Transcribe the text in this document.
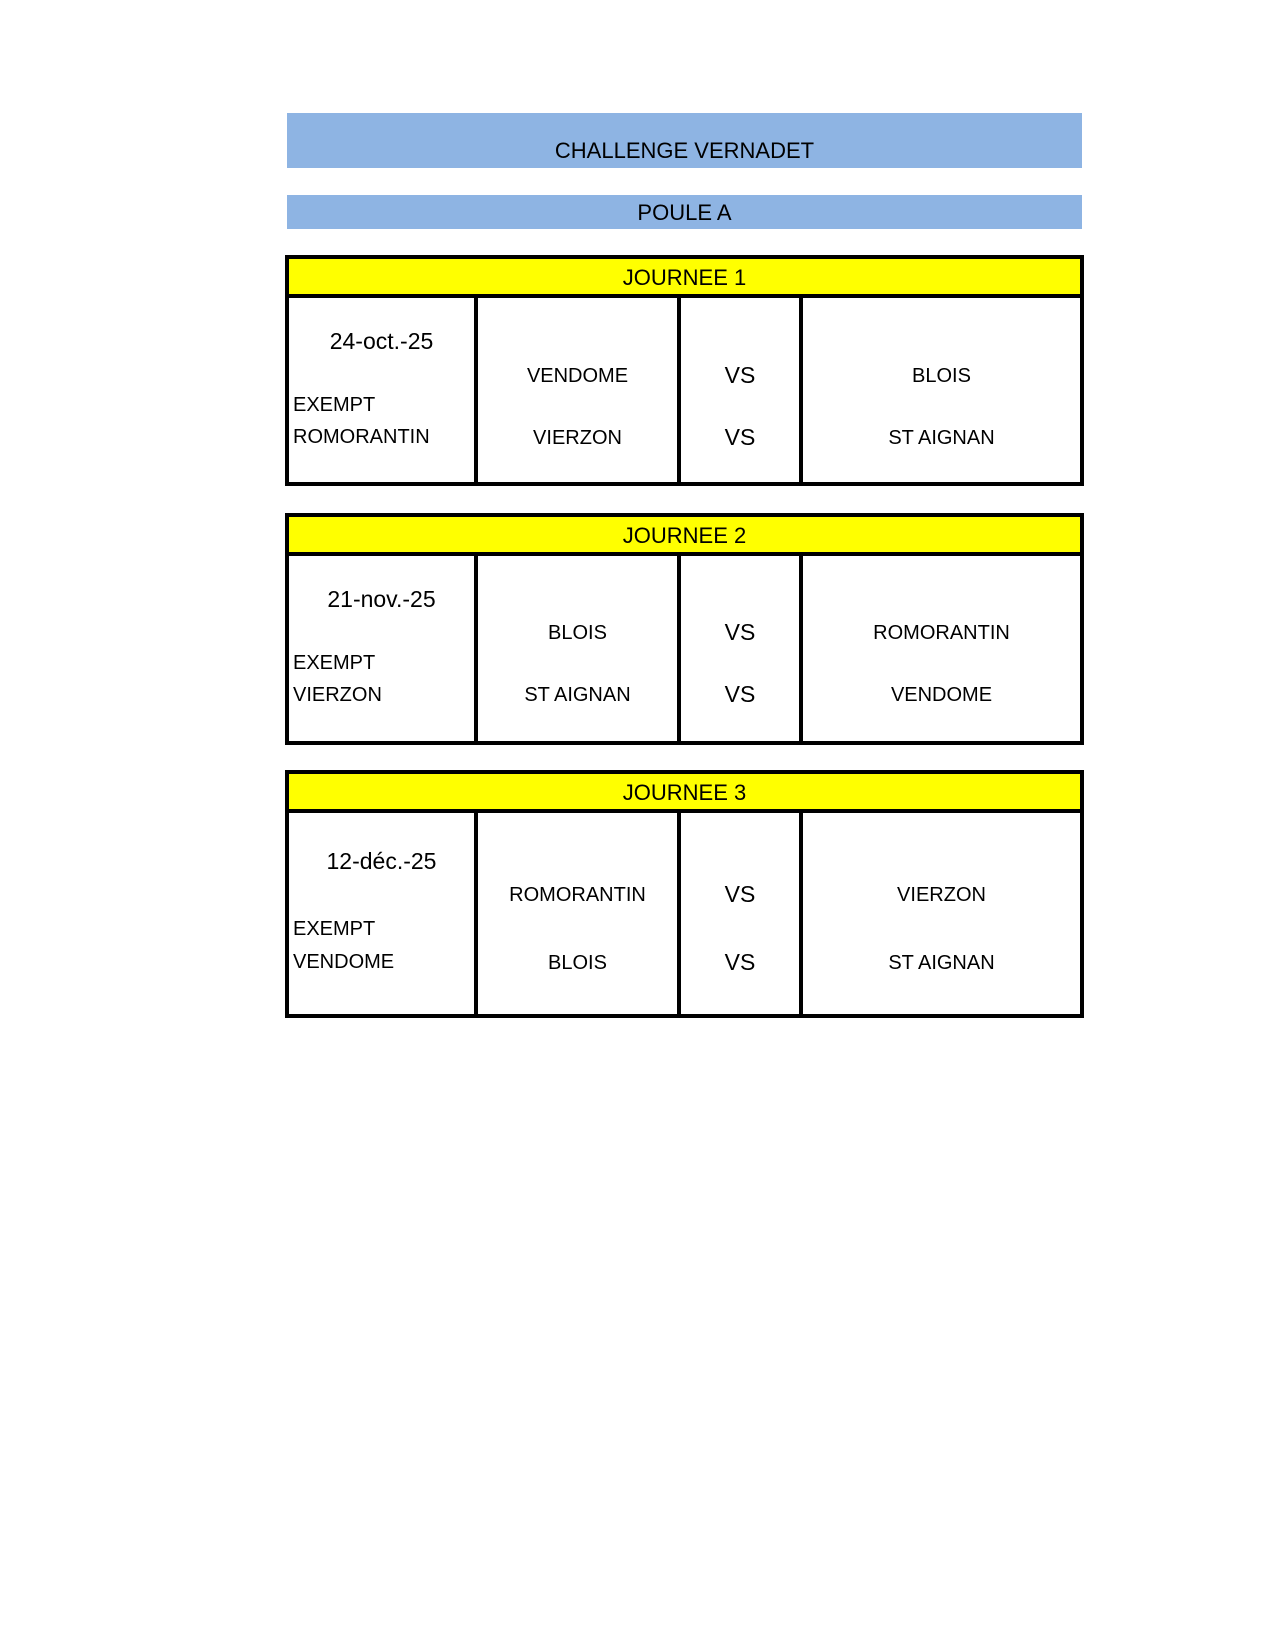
CHALLENGE VERNADET
POULE A
JOURNEE 1
24-oct.-25
EXEMPT
ROMORANTIN
VENDOME
VIERZON
VS
VS
BLOIS
ST AIGNAN
JOURNEE 2
21-nov.-25
EXEMPT
VIERZON
BLOIS
ST AIGNAN
VS
VS
ROMORANTIN
VENDOME
JOURNEE 3
12-déc.-25
EXEMPT
VENDOME
ROMORANTIN
BLOIS
VS
VS
VIERZON
ST AIGNAN
